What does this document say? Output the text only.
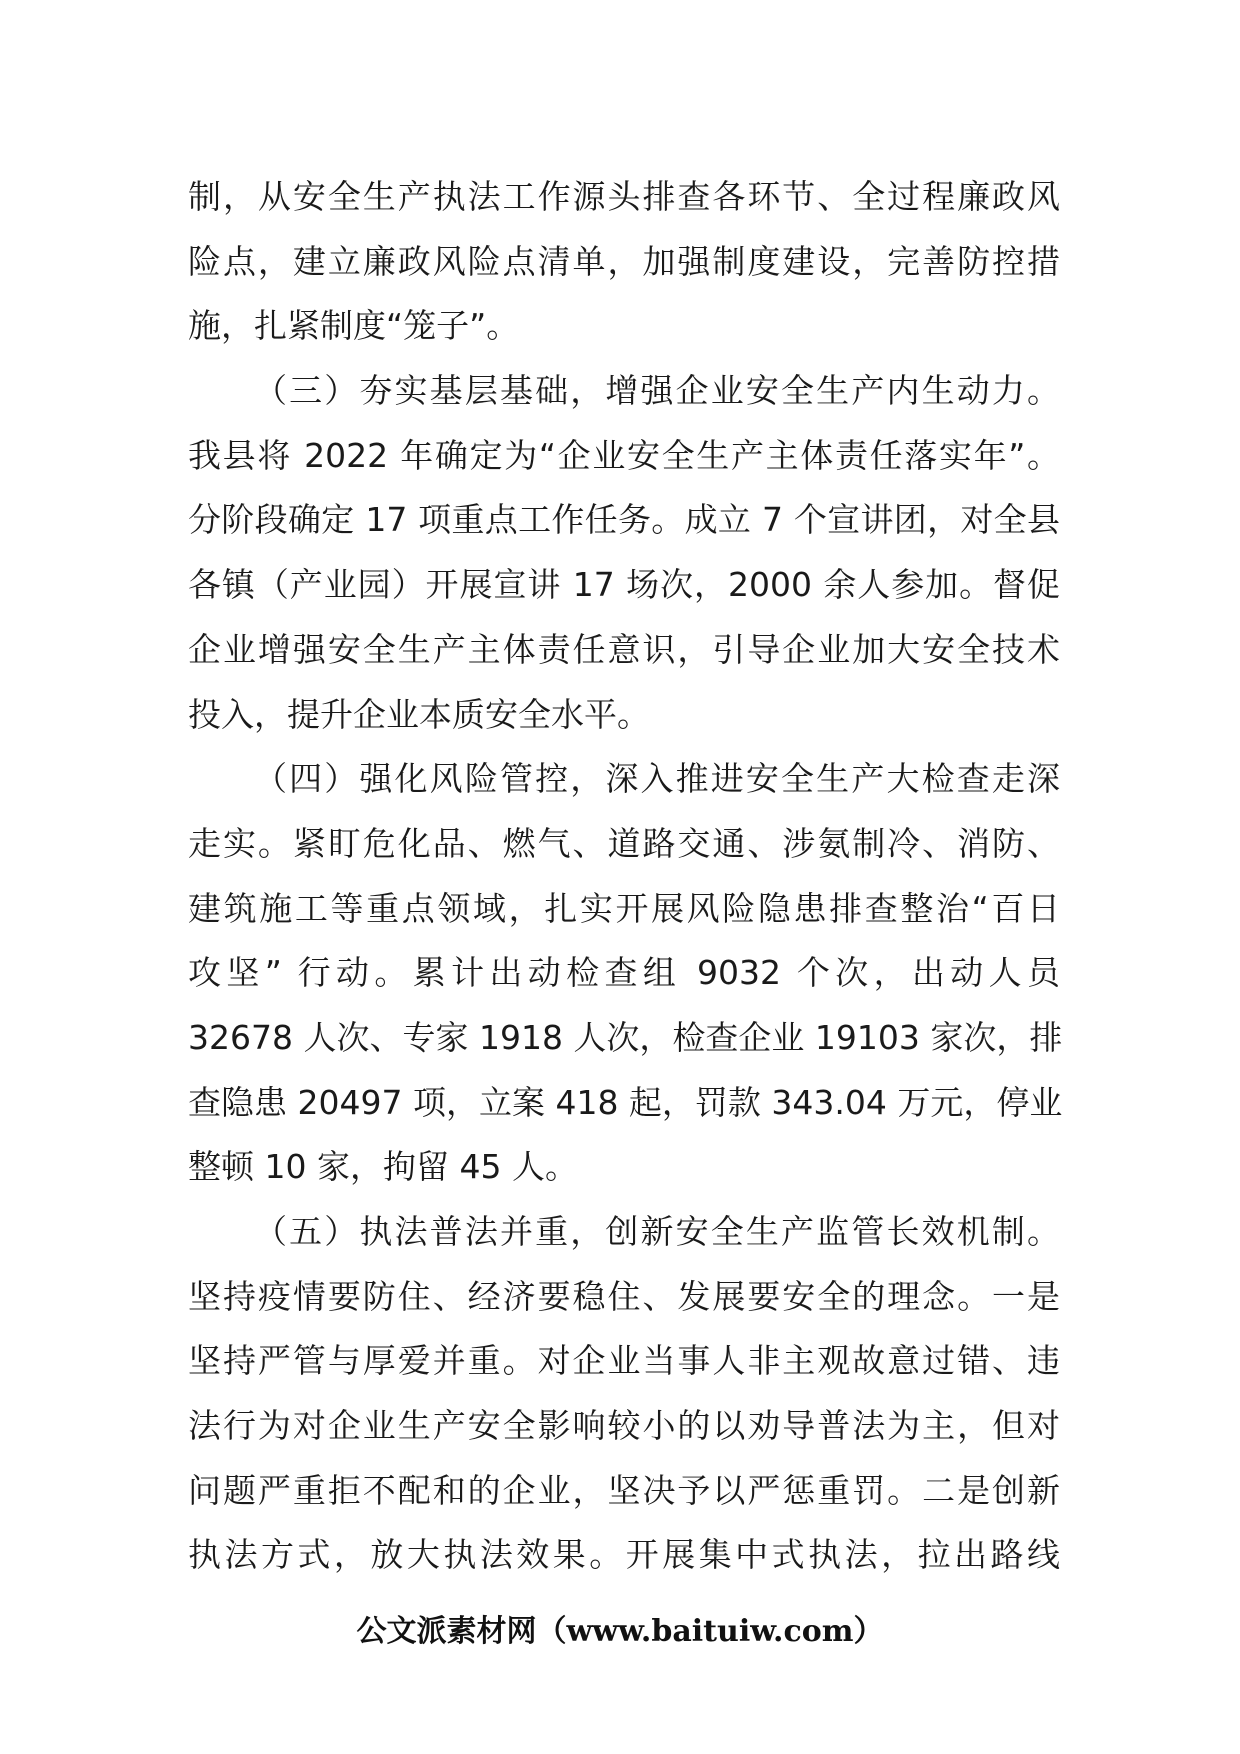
制，从安全生产执法工作源头排查各环节、全过程廉政风
险点，建立廉政风险点清单，加强制度建设，完善防控措
施，扎紧制度“笼子”。
（三）夯实基层基础，增强企业安全生产内生动力。
我县将 2022 年确定为“企业安全生产主体责任落实年”。
分阶段确定 17 项重点工作任务。成立 7 个宣讲团，对全县
各镇（产业园）开展宣讲 17 场次，2000 余人参加。督促
企业增强安全生产主体责任意识，引导企业加大安全技术
投入，提升企业本质安全水平。
（四）强化风险管控，深入推进安全生产大检查走深
走实。紧盯危化品、燃气、道路交通、涉氨制冷、消防、
建筑施工等重点领域，扎实开展风险隐患排查整治“百日
攻坚” 行动。累计出动检查组 9032 个次，出动人员
32678 人次、专家 1918 人次，检查企业 19103 家次，排
查隐患 20497 项，立案 418 起，罚款 343.04 万元，停业
整顿 10 家，拘留 45 人。
（五）执法普法并重，创新安全生产监管长效机制。
坚持疫情要防住、经济要稳住、发展要安全的理念。一是
坚持严管与厚爱并重。对企业当事人非主观故意过错、违
法行为对企业生产安全影响较小的以劝导普法为主，但对
问题严重拒不配和的企业，坚决予以严惩重罚。二是创新
执法方式，放大执法效果。开展集中式执法，拉出路线
公文派素材网（www.baituiw.com）
